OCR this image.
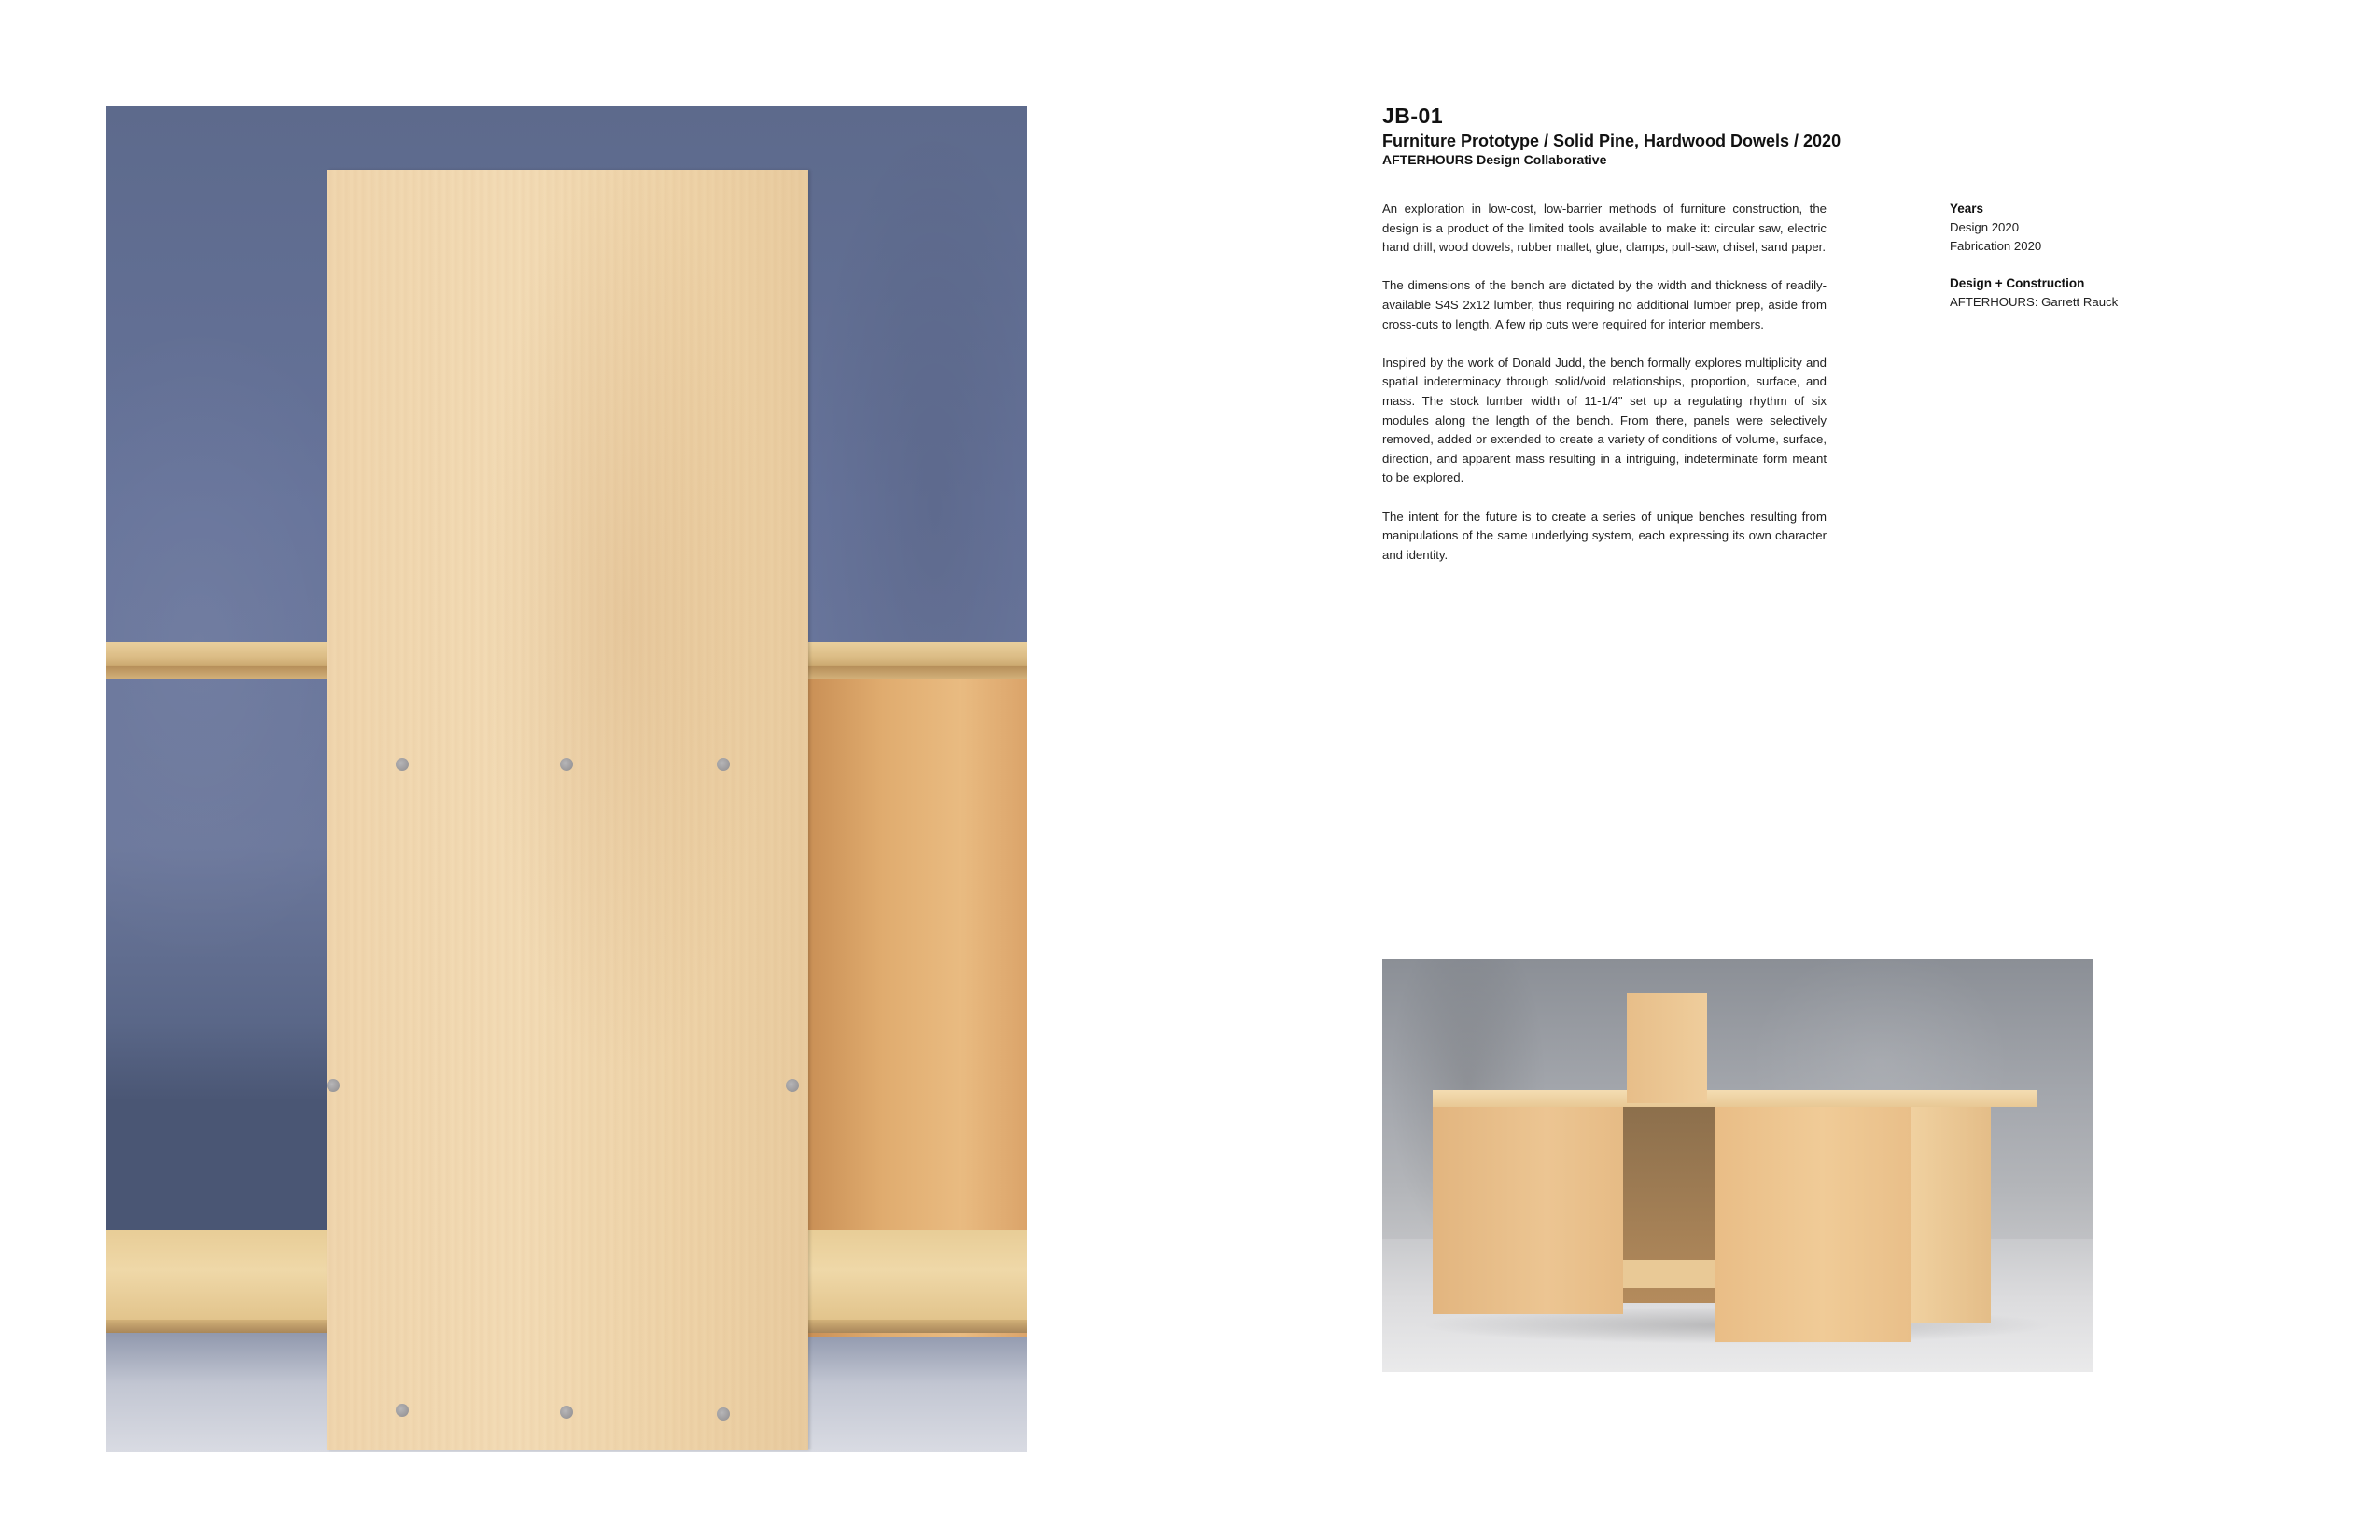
JB-01
Furniture Prototype / Solid Pine, Hardwood Dowels / 2020
AFTERHOURS Design Collaborative

An exploration in low-cost, low-barrier methods of furniture construction, the design is a product of the limited tools available to make it: circular saw, electric hand drill, wood dowels, rubber mallet, glue, clamps, pull-saw, chisel, sand paper.

The dimensions of the bench are dictated by the width and thickness of readily-available S4S 2x12 lumber, thus requiring no additional lumber prep, aside from cross-cuts to length. A few rip cuts were required for interior members.

Inspired by the work of Donald Judd, the bench formally explores multiplicity and spatial indeterminacy through solid/void relationships, proportion, surface, and mass. The stock lumber width of 11-1/4" set up a regulating rhythm of six modules along the length of the bench. From there, panels were selectively removed, added or extended to create a variety of conditions of volume, surface, direction, and apparent mass resulting in a intriguing, indeterminate form meant to be explored.

The intent for the future is to create a series of unique benches resulting from manipulations of the same underlying system, each expressing its own character and identity.

Years
Design 2020
Fabrication 2020
Design + Construction
AFTERHOURS: Garrett Rauck
